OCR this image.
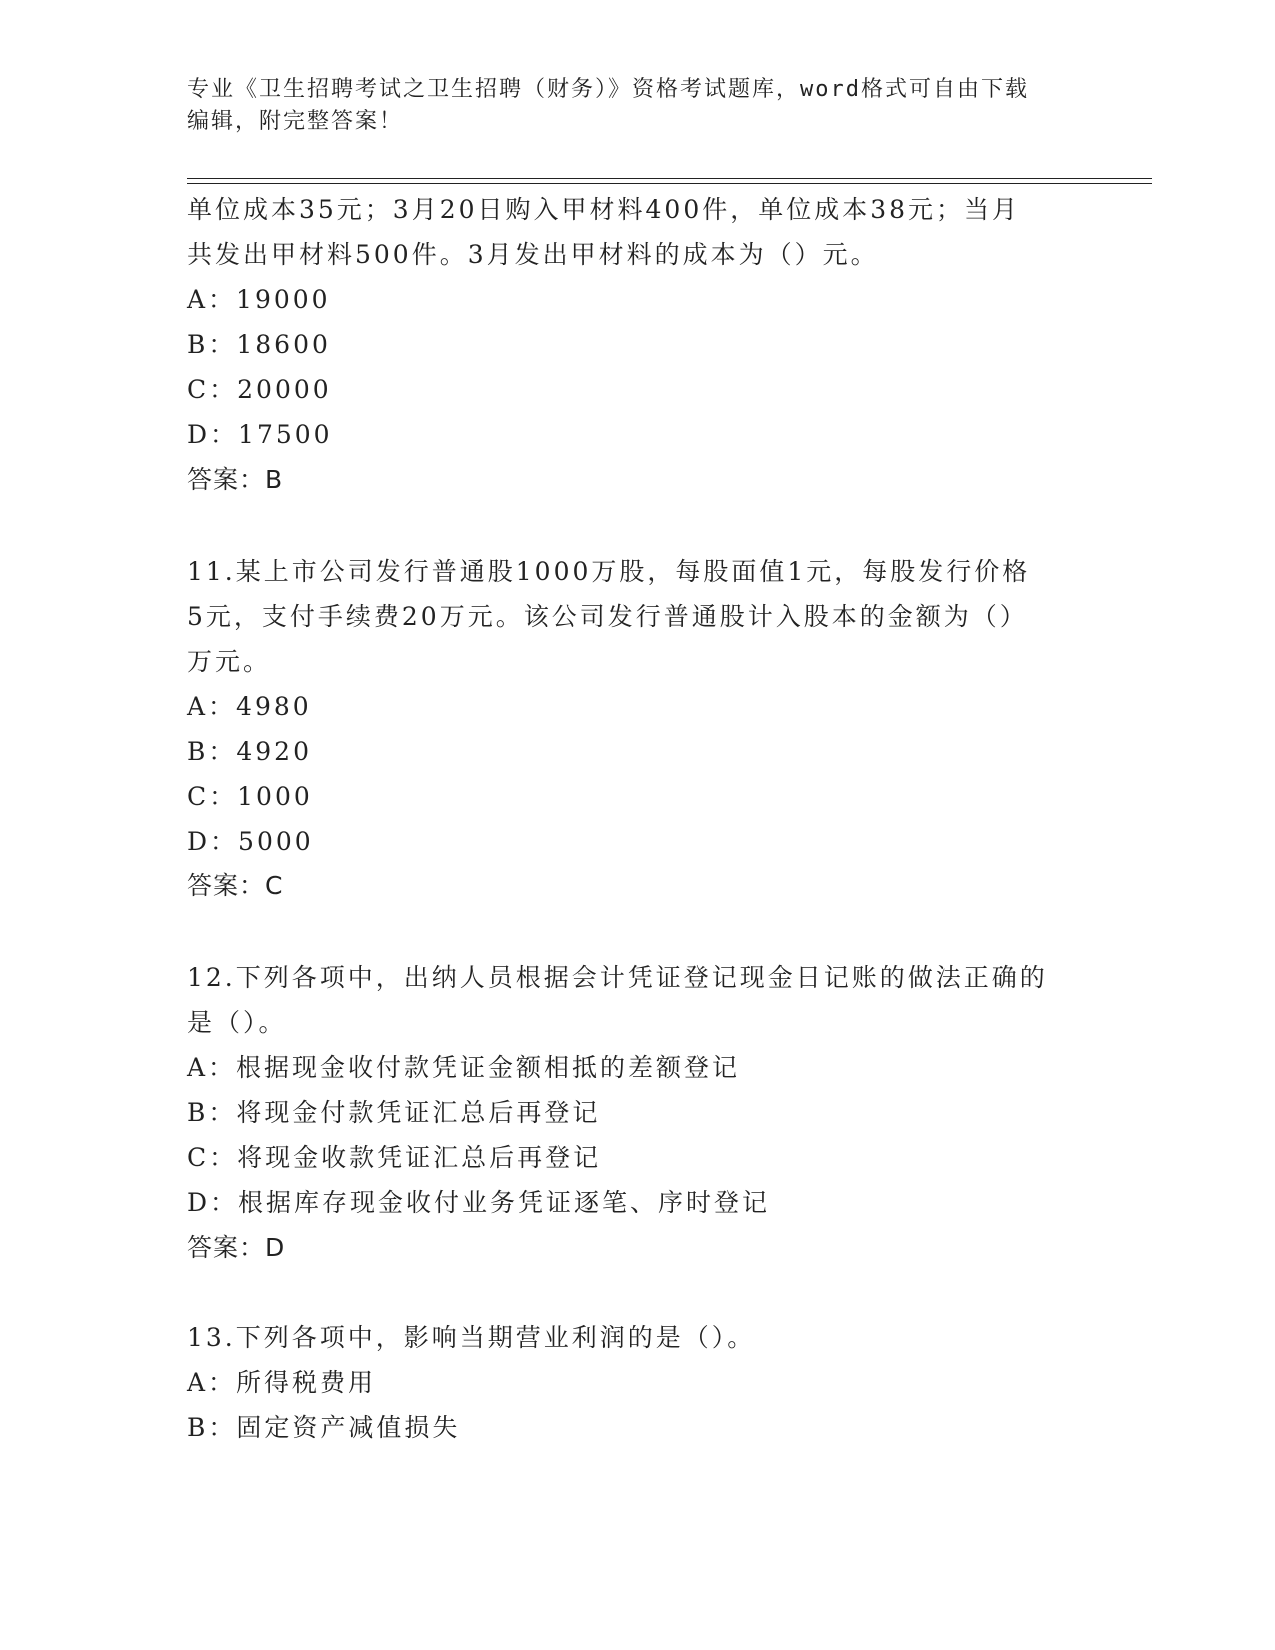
专业《卫生招聘考试之卫生招聘（财务）》资格考试题库，word格式可自由下载
编辑，附完整答案！
单位成本35元；3月20日购入甲材料400件，单位成本38元；当月
共发出甲材料500件。3月发出甲材料的成本为（）元。
A：19000
B：18600
C：20000
D：17500
答案：B
11.某上市公司发行普通股1000万股，每股面值1元，每股发行价格
5元，支付手续费20万元。该公司发行普通股计入股本的金额为（）
万元。
A：4980
B：4920
C：1000
D：5000
答案：C
12.下列各项中，出纳人员根据会计凭证登记现金日记账的做法正确的
是（）。
A：根据现金收付款凭证金额相抵的差额登记
B：将现金付款凭证汇总后再登记
C：将现金收款凭证汇总后再登记
D：根据库存现金收付业务凭证逐笔、序时登记
答案：D
13.下列各项中，影响当期营业利润的是（）。
A：所得税费用
B：固定资产减值损失
